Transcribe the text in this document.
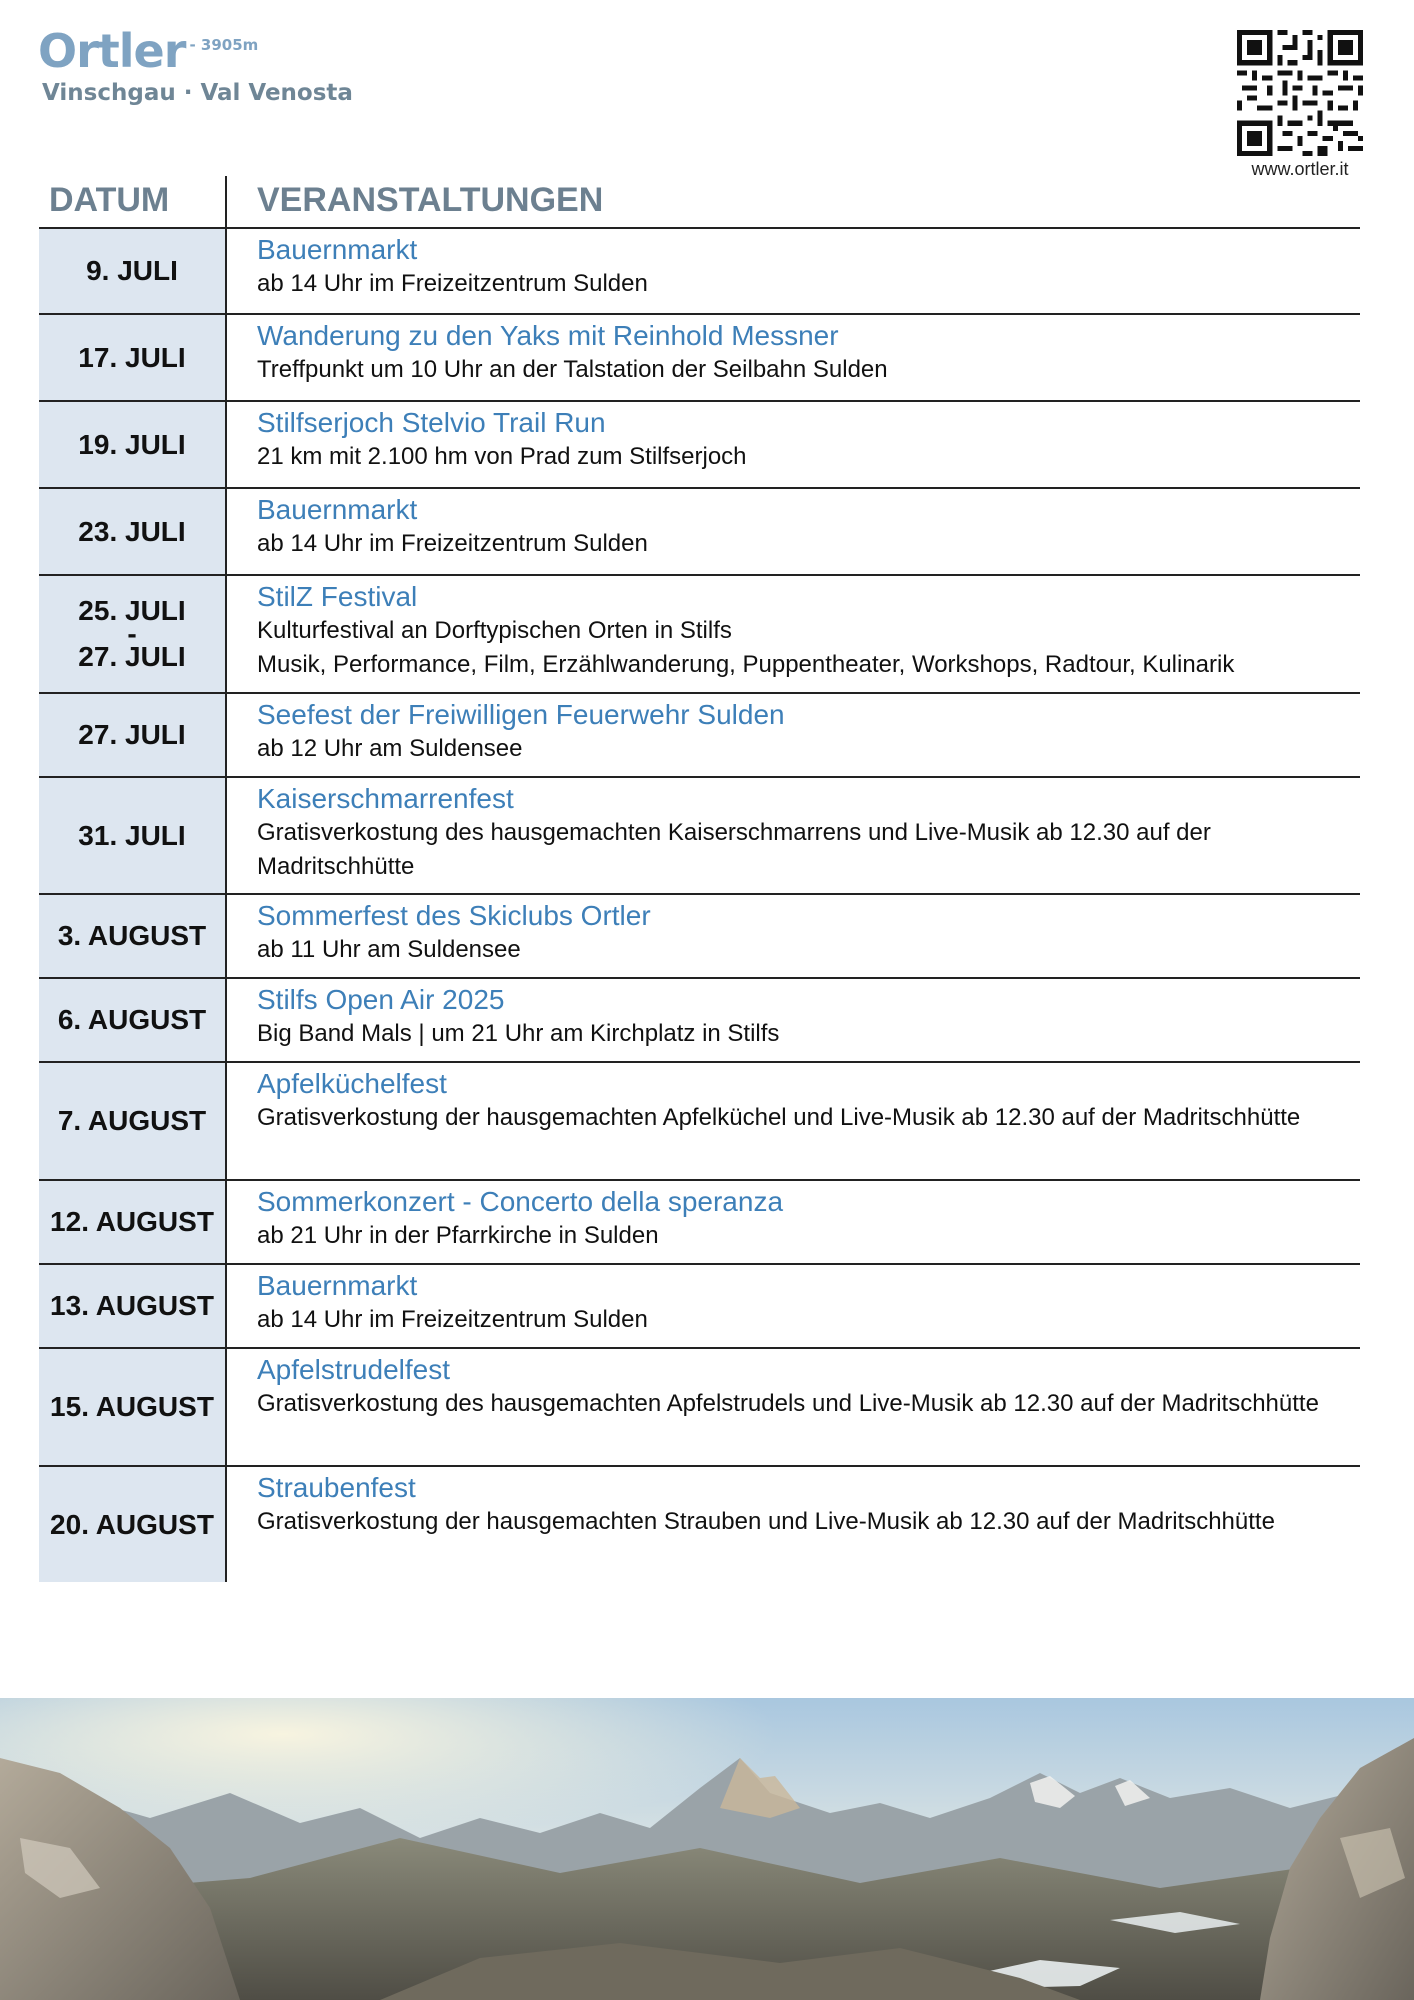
Ortler - 3905m
Vinschgau · Val Venosta
www.ortler.it
DATUM	VERANSTALTUNGEN
9. JULI
Bauernmarkt
ab 14 Uhr im Freizeitzentrum Sulden
17. JULI
Wanderung zu den Yaks mit Reinhold Messner
Treffpunkt um 10 Uhr an der Talstation der Seilbahn Sulden
19. JULI
Stilfserjoch Stelvio Trail Run
21 km mit 2.100 hm von Prad zum Stilfserjoch
23. JULI
Bauernmarkt
ab 14 Uhr im Freizeitzentrum Sulden
25. JULI
-
27. JULI
StilZ Festival
Kulturfestival an Dorftypischen Orten in Stilfs
Musik, Performance, Film, Erzählwanderung, Puppentheater, Workshops, Radtour, Kulinarik
27. JULI
Seefest der Freiwilligen Feuerwehr Sulden
ab 12 Uhr am Suldensee
31. JULI
Kaiserschmarrenfest
Gratisverkostung des hausgemachten Kaiserschmarrens und Live-Musik ab 12.30 auf der Madritschhütte
3. AUGUST
Sommerfest des Skiclubs Ortler
ab 11 Uhr am Suldensee
6. AUGUST
Stilfs Open Air 2025
Big Band Mals | um 21 Uhr am Kirchplatz in Stilfs
7. AUGUST
Apfelküchelfest
Gratisverkostung der hausgemachten Apfelküchel und Live-Musik ab 12.30 auf der Madritschhütte
12. AUGUST
Sommerkonzert - Concerto della speranza
ab 21 Uhr in der Pfarrkirche in Sulden
13. AUGUST
Bauernmarkt
ab 14 Uhr im Freizeitzentrum Sulden
15. AUGUST
Apfelstrudelfest
Gratisverkostung des hausgemachten Apfelstrudels und Live-Musik ab 12.30 auf der Madritschhütte
20. AUGUST
Straubenfest
Gratisverkostung der hausgemachten Strauben und Live-Musik ab 12.30 auf der Madritschhütte
